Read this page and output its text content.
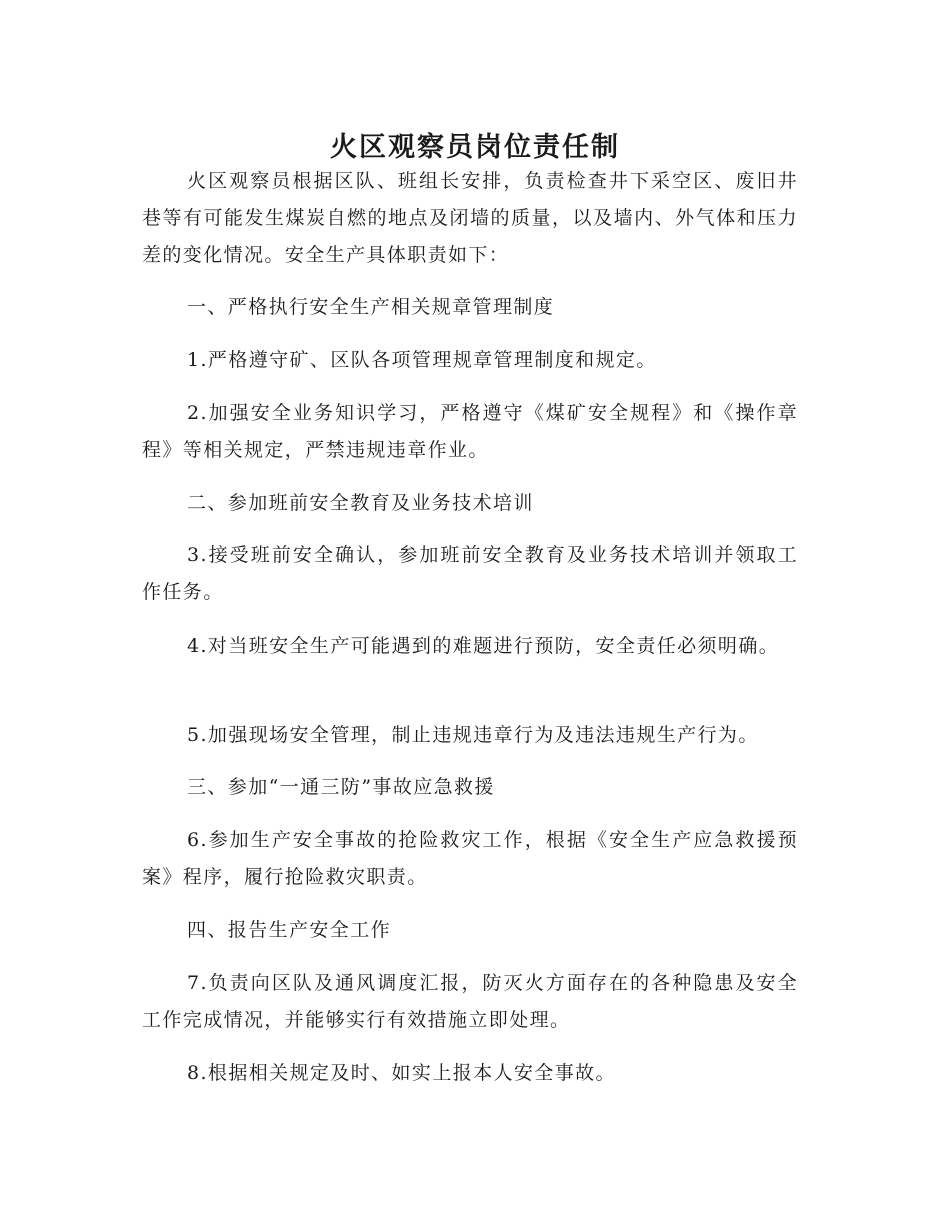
火区观察员岗位责任制

火区观察员根据区队、班组长安排，负责检查井下采空区、废旧井巷等有可能发生煤炭自燃的地点及闭墙的质量，以及墙内、外气体和压力差的变化情况。安全生产具体职责如下：

一、严格执行安全生产相关规章管理制度

1.严格遵守矿、区队各项管理规章管理制度和规定。

2.加强安全业务知识学习，严格遵守《煤矿安全规程》和《操作章程》等相关规定，严禁违规违章作业。

二、参加班前安全教育及业务技术培训

3.接受班前安全确认，参加班前安全教育及业务技术培训并领取工作任务。

4.对当班安全生产可能遇到的难题进行预防，安全责任必须明确。

5.加强现场安全管理，制止违规违章行为及违法违规生产行为。

三、参加“一通三防”事故应急救援

6.参加生产安全事故的抢险救灾工作，根据《安全生产应急救援预案》程序，履行抢险救灾职责。

四、报告生产安全工作

7.负责向区队及通风调度汇报，防灭火方面存在的各种隐患及安全工作完成情况，并能够实行有效措施立即处理。

8.根据相关规定及时、如实上报本人安全事故。
